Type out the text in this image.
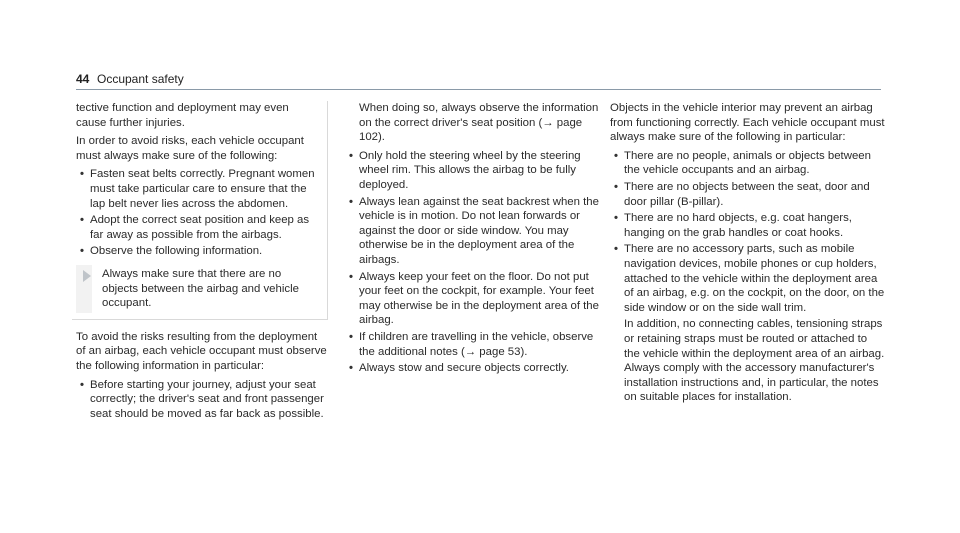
44 Occupant safety

tective function and deployment may even cause further injuries.

In order to avoid risks, each vehicle occupant must always make sure of the following:

• Fasten seat belts correctly. Pregnant women must take particular care to ensure that the lap belt never lies across the abdomen.
• Adopt the correct seat position and keep as far away as possible from the airbags.
• Observe the following information.
Always make sure that there are no objects between the airbag and vehicle occupant.

To avoid the risks resulting from the deployment of an airbag, each vehicle occupant must observe the following information in particular:

• Before starting your journey, adjust your seat correctly; the driver's seat and front passenger seat should be moved as far back as possible.

When doing so, always observe the information on the correct driver's seat position (→ page 102).

• Only hold the steering wheel by the steering wheel rim. This allows the airbag to be fully deployed.
• Always lean against the seat backrest when the vehicle is in motion. Do not lean forwards or against the door or side window. You may otherwise be in the deployment area of the airbags.
• Always keep your feet on the floor. Do not put your feet on the cockpit, for example. Your feet may otherwise be in the deployment area of the airbag.
• If children are travelling in the vehicle, observe the additional notes (→ page 53).
• Always stow and secure objects correctly.

Objects in the vehicle interior may prevent an airbag from functioning correctly. Each vehicle occupant must always make sure of the following in particular:

• There are no people, animals or objects between the vehicle occupants and an airbag.
• There are no objects between the seat, door and door pillar (B-pillar).
• There are no hard objects, e.g. coat hangers, hanging on the grab handles or coat hooks.
• There are no accessory parts, such as mobile navigation devices, mobile phones or cup holders, attached to the vehicle within the deployment area of an airbag, e.g. on the cockpit, on the door, on the side window or on the side wall trim.

In addition, no connecting cables, tensioning straps or retaining straps must be routed or attached to the vehicle within the deployment area of an airbag. Always comply with the accessory manufacturer's installation instructions and, in particular, the notes on suitable places for installation.
